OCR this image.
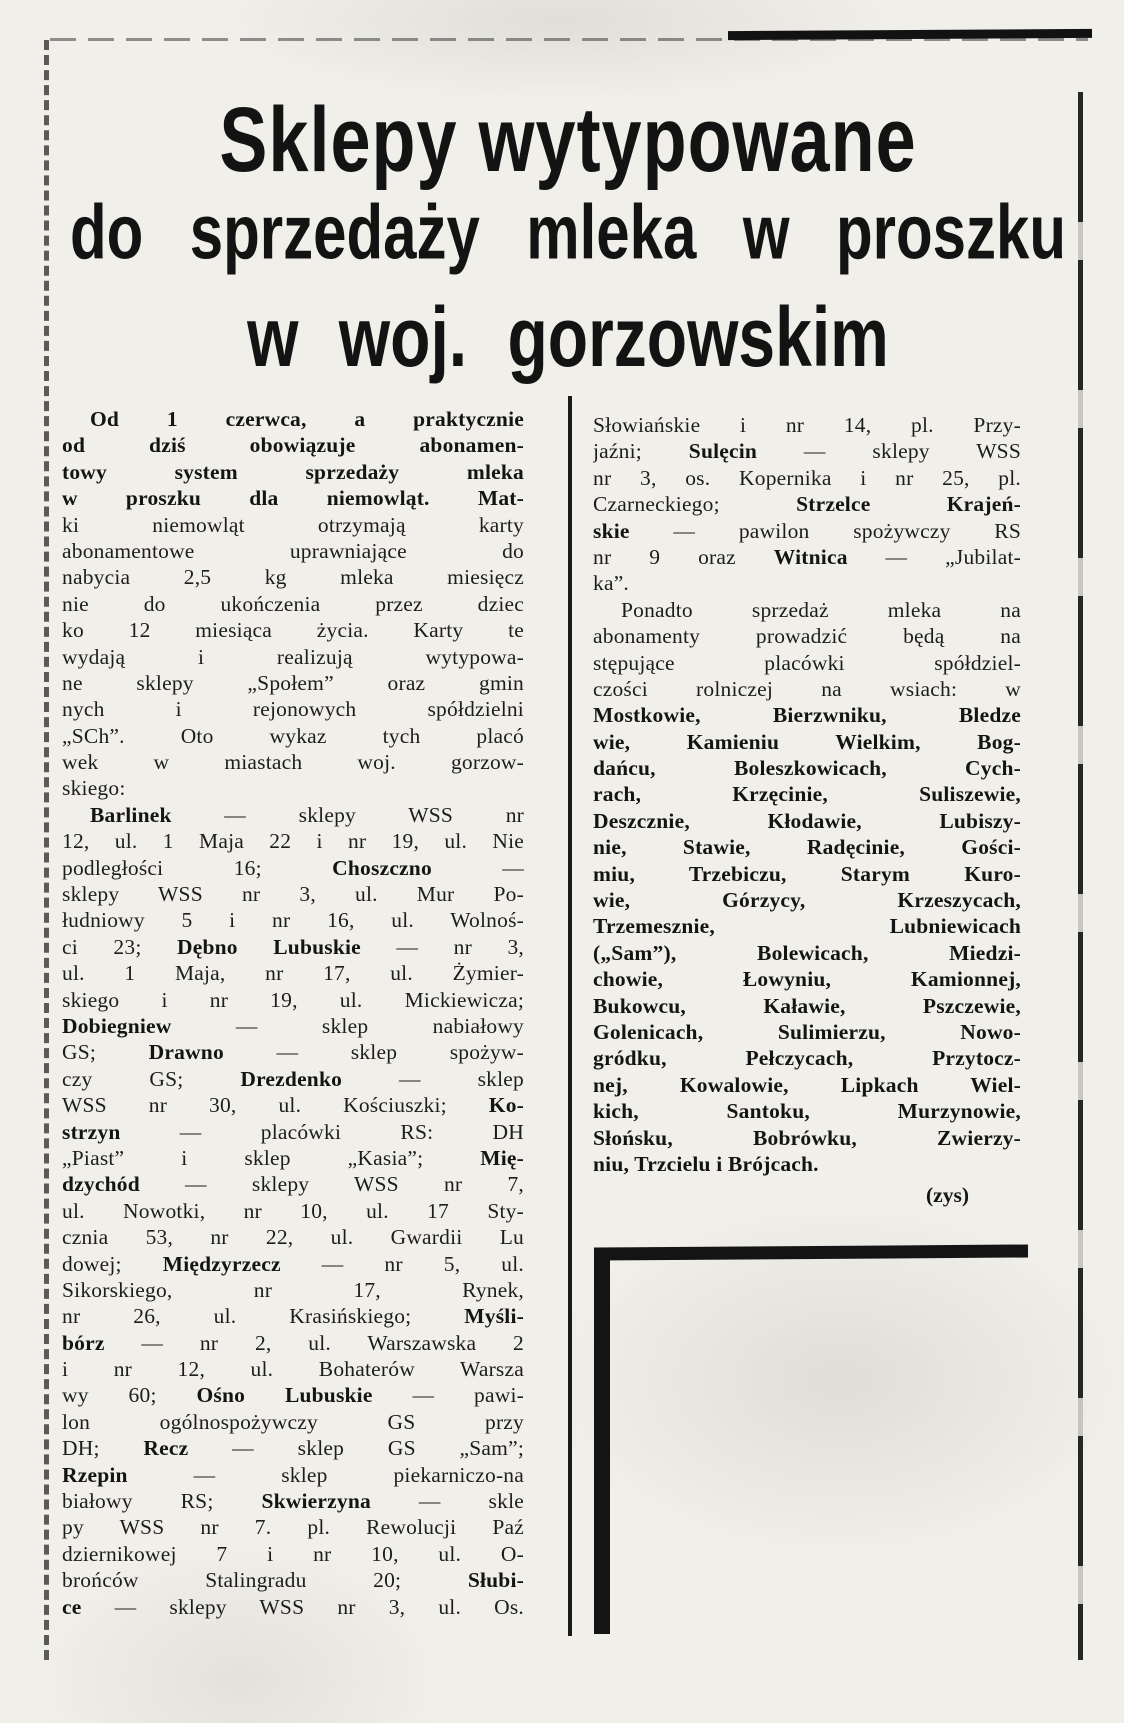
Sklepy wytypowane
do sprzedaży mleka w proszku
w woj. gorzowskim
Od 1 czerwca, a praktycznie
od dziś obowiązuje abonamen-
towy system sprzedaży mleka
w proszku dla niemowląt. Mat-
ki niemowląt otrzymają karty
abonamentowe uprawniające do
nabycia 2,5 kg mleka miesięcz
nie do ukończenia przez dziec
ko 12 miesiąca życia. Karty te
wydają i realizują wytypowa-
ne sklepy „Społem” oraz gmin
nych i rejonowych spółdzielni
„SCh”. Oto wykaz tych placó
wek w miastach woj. gorzow-
skiego:
Barlinek — sklepy WSS nr
12, ul. 1 Maja 22 i nr 19, ul. Nie
podległości 16; Choszczno —
sklepy WSS nr 3, ul. Mur Po-
łudniowy 5 i nr 16, ul. Wolnoś-
ci 23; Dębno Lubuskie — nr 3,
ul. 1 Maja, nr 17, ul. Żymier-
skiego i nr 19, ul. Mickiewicza;
Dobiegniew — sklep nabiałowy
GS; Drawno — sklep spożyw-
czy GS; Drezdenko — sklep
WSS nr 30, ul. Kościuszki; Ko-
strzyn — placówki RS: DH
„Piast” i sklep „Kasia”; Mię-
dzychód — sklepy WSS nr 7,
ul. Nowotki, nr 10, ul. 17 Sty-
cznia 53, nr 22, ul. Gwardii Lu
dowej; Międzyrzecz — nr 5, ul.
Sikorskiego, nr 17, Rynek,
nr 26, ul. Krasińskiego; Myśli-
bórz — nr 2, ul. Warszawska 2
i nr 12, ul. Bohaterów Warsza
wy 60; Ośno Lubuskie — pawi-
lon ogólnospożywczy GS przy
DH; Recz — sklep GS „Sam”;
Rzepin — sklep piekarniczo-na
białowy RS; Skwierzyna — skle
py WSS nr 7. pl. Rewolucji Paź
dziernikowej 7 i nr 10, ul. O-
brońców Stalingradu 20; Słubi-
ce — sklepy WSS nr 3, ul. Os.
Słowiańskie i nr 14, pl. Przy-
jaźni; Sulęcin — sklepy WSS
nr 3, os. Kopernika i nr 25, pl.
Czarneckiego; Strzelce Krajeń-
skie — pawilon spożywczy RS
nr 9 oraz Witnica — „Jubilat-
ka”.
Ponadto sprzedaż mleka na
abonamenty prowadzić będą na
stępujące placówki spółdziel-
czości rolniczej na wsiach: w
Mostkowie, Bierzwniku, Bledze
wie, Kamieniu Wielkim, Bog-
dańcu, Boleszkowicach, Cych-
rach, Krzęcinie, Suliszewie,
Deszcznie, Kłodawie, Lubiszy-
nie, Stawie, Radęcinie, Gości-
miu, Trzebiczu, Starym Kuro-
wie, Górzycy, Krzeszycach,
Trzemesznie, Lubniewicach
(„Sam”), Bolewicach, Miedzi-
chowie, Łowyniu, Kamionnej,
Bukowcu, Kaławie, Pszczewie,
Golenicach, Sulimierzu, Nowo-
gródku, Pełczycach, Przytocz-
nej, Kowalowie, Lipkach Wiel-
kich, Santoku, Murzynowie,
Słońsku, Bobrówku, Zwierzy-
niu, Trzcielu i Brójcach.
(zys)
